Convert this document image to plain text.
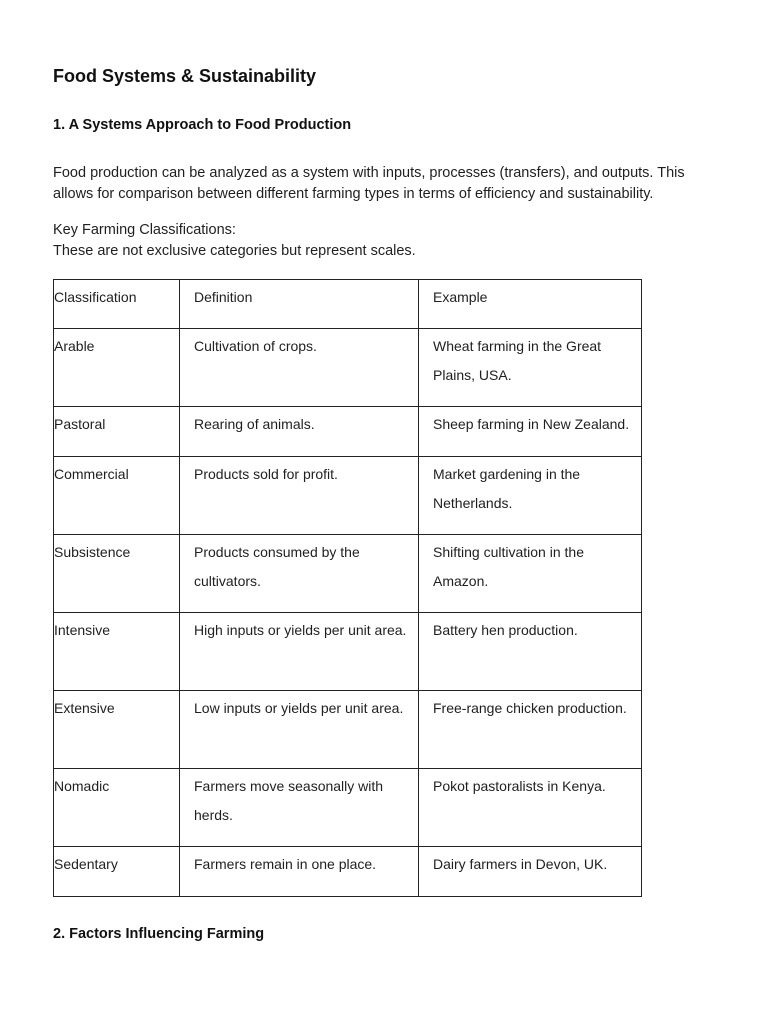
Food Systems & Sustainability
1. A Systems Approach to Food Production

Food production can be analyzed as a system with inputs, processes (transfers), and outputs. This
allows for comparison between different farming types in terms of efficiency and sustainability.

Key Farming Classifications:
These are not exclusive categories but represent scales.

Classification	Definition	Example
Arable	Cultivation of crops.	Wheat farming in the Great Plains, USA.
Pastoral	Rearing of animals.	Sheep farming in New Zealand.
Commercial	Products sold for profit.	Market gardening in the Netherlands.
Subsistence	Products consumed by the cultivators.	Shifting cultivation in the Amazon.
Intensive	High inputs or yields per unit area.	Battery hen production.
Extensive	Low inputs or yields per unit area.	Free-range chicken production.
Nomadic	Farmers move seasonally with herds.	Pokot pastoralists in Kenya.
Sedentary	Farmers remain in one place.	Dairy farmers in Devon, UK.
2. Factors Influencing Farming
